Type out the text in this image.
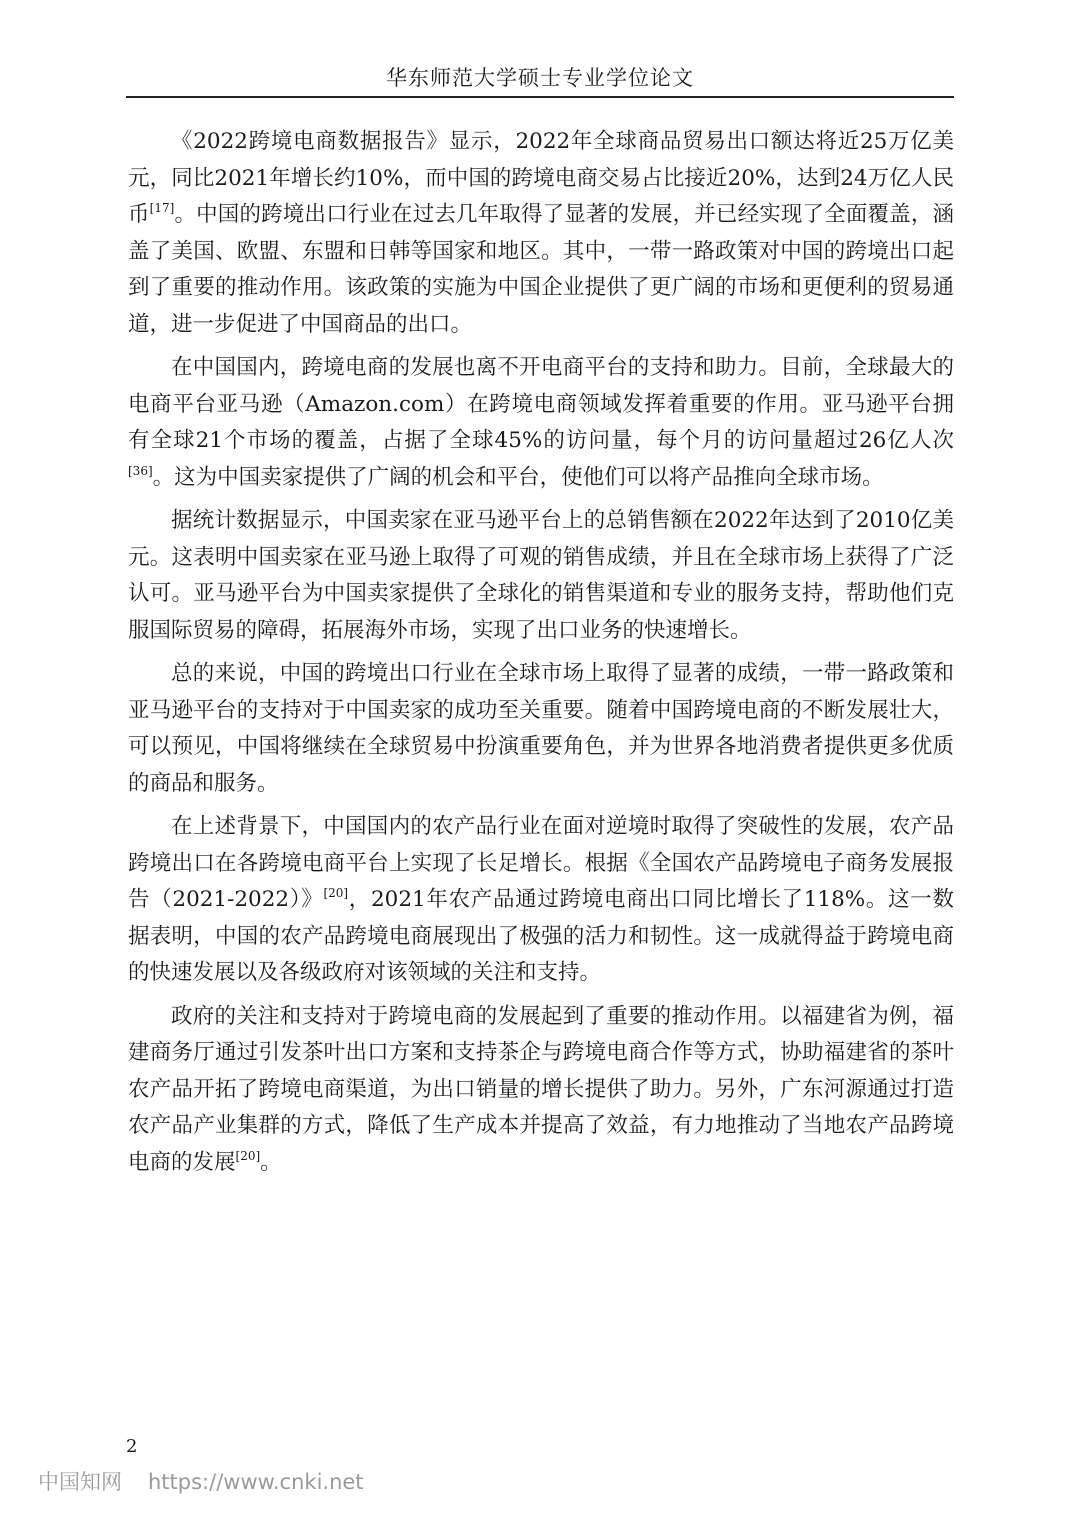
华东师范大学硕士专业学位论文

《2022跨境电商数据报告》显示，2022年全球商品贸易出口额达将近25万亿美元，同比2021年增长约10%，而中国的跨境电商交易占比接近20%，达到24万亿人民币[17]。中国的跨境出口行业在过去几年取得了显著的发展，并已经实现了全面覆盖，涵盖了美国、欧盟、东盟和日韩等国家和地区。其中，一带一路政策对中国的跨境出口起到了重要的推动作用。该政策的实施为中国企业提供了更广阔的市场和更便利的贸易通道，进一步促进了中国商品的出口。

在中国国内，跨境电商的发展也离不开电商平台的支持和助力。目前，全球最大的电商平台亚马逊（Amazon.com）在跨境电商领域发挥着重要的作用。亚马逊平台拥有全球21个市场的覆盖，占据了全球45%的访问量，每个月的访问量超过26亿人次[36]。这为中国卖家提供了广阔的机会和平台，使他们可以将产品推向全球市场。

据统计数据显示，中国卖家在亚马逊平台上的总销售额在2022年达到了2010亿美元。这表明中国卖家在亚马逊上取得了可观的销售成绩，并且在全球市场上获得了广泛认可。亚马逊平台为中国卖家提供了全球化的销售渠道和专业的服务支持，帮助他们克服国际贸易的障碍，拓展海外市场，实现了出口业务的快速增长。

总的来说，中国的跨境出口行业在全球市场上取得了显著的成绩，一带一路政策和亚马逊平台的支持对于中国卖家的成功至关重要。随着中国跨境电商的不断发展壮大，可以预见，中国将继续在全球贸易中扮演重要角色，并为世界各地消费者提供更多优质的商品和服务。

在上述背景下，中国国内的农产品行业在面对逆境时取得了突破性的发展，农产品跨境出口在各跨境电商平台上实现了长足增长。根据《全国农产品跨境电子商务发展报告（2021-2022）》[20]，2021年农产品通过跨境电商出口同比增长了118%。这一数据表明，中国的农产品跨境电商展现出了极强的活力和韧性。这一成就得益于跨境电商的快速发展以及各级政府对该领域的关注和支持。

政府的关注和支持对于跨境电商的发展起到了重要的推动作用。以福建省为例，福建商务厅通过引发茶叶出口方案和支持茶企与跨境电商合作等方式，协助福建省的茶叶农产品开拓了跨境电商渠道，为出口销量的增长提供了助力。另外，广东河源通过打造农产品产业集群的方式，降低了生产成本并提高了效益，有力地推动了当地农产品跨境电商的发展[20]。

2
中国知网 https://www.cnki.net
